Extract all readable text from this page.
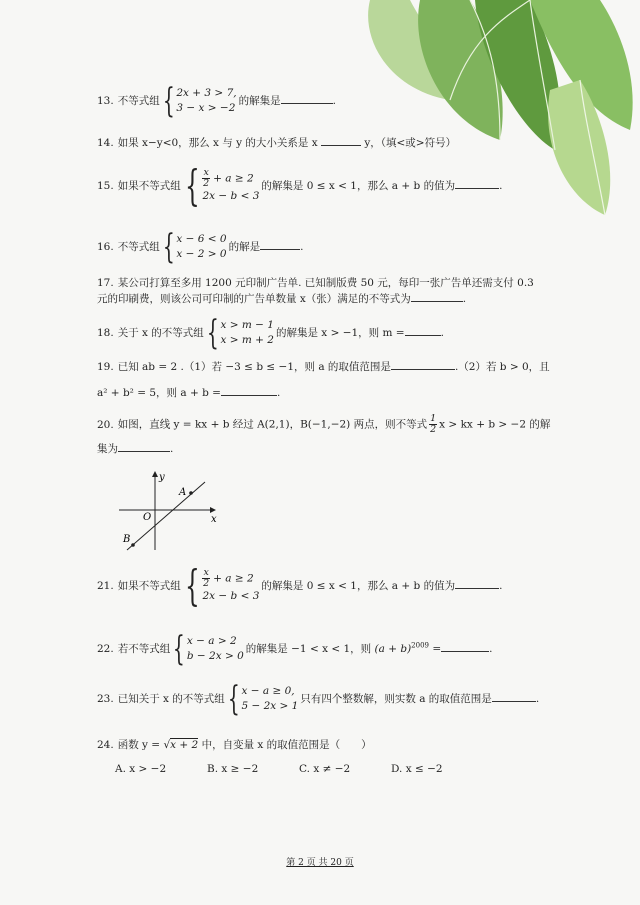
13. 不等式组 { 2x + 3 > 7,
3 − x > −2
的解集是	.
14. 如果 x−y<0，那么 x 与 y 的大小关系是 x	y，（填<或>符号）
15. 如果不等式组 { $\frac{x}{2} + a \ge 2$
2x − b < 3
的解集是 0 ≤ x < 1，那么 a + b 的值为	.
16. 不等式组 { x − 6 < 0
x − 2 > 0
的解是	.
17. 某公司打算至多用 1200 元印制广告单. 已知制版费 50 元，每印一张广告单还需支付 0.3
元的印刷费，则该公司可印制的广告单数量 x（张）满足的不等式为	.
18. 关于 x 的不等式组 { x > m − 1
x > m + 2
的解集是 x > −1，则 m =	.
19. 已知 ab = 2 .（1）若 −3 ≤ b ≤ −1，则 a 的取值范围是	.（2）若 b > 0，且
a² + b² = 5，则 a + b =	.
20. 如图，直线 y = kx + b 经过 A(2,1)，B(−1,−2) 两点，则不等式 $\frac{1}{2}$ x > kx + b > −2 的解
集为	.
y
x
O
A
B
21. 如果不等式组 { $\frac{x}{2} + a \ge 2$
2x − b < 3
的解集是 0 ≤ x < 1，那么 a + b 的值为	.
22. 若不等式组 { x − a > 2
b − 2x > 0
的解集是 −1 < x < 1，则 $(a + b)^{2009}$ =	.
23. 已知关于 x 的不等式组 { x − a ≥ 0,
5 − 2x > 1
只有四个整数解，则实数 a 的取值范围是	.
24. 函数 y = √x + 2 中，自变量 x 的取值范围是（　　）
A. x > −2	B. x ≥ −2	C. x ≠ −2	D. x ≤ −2
第 2 页 共 20 页
